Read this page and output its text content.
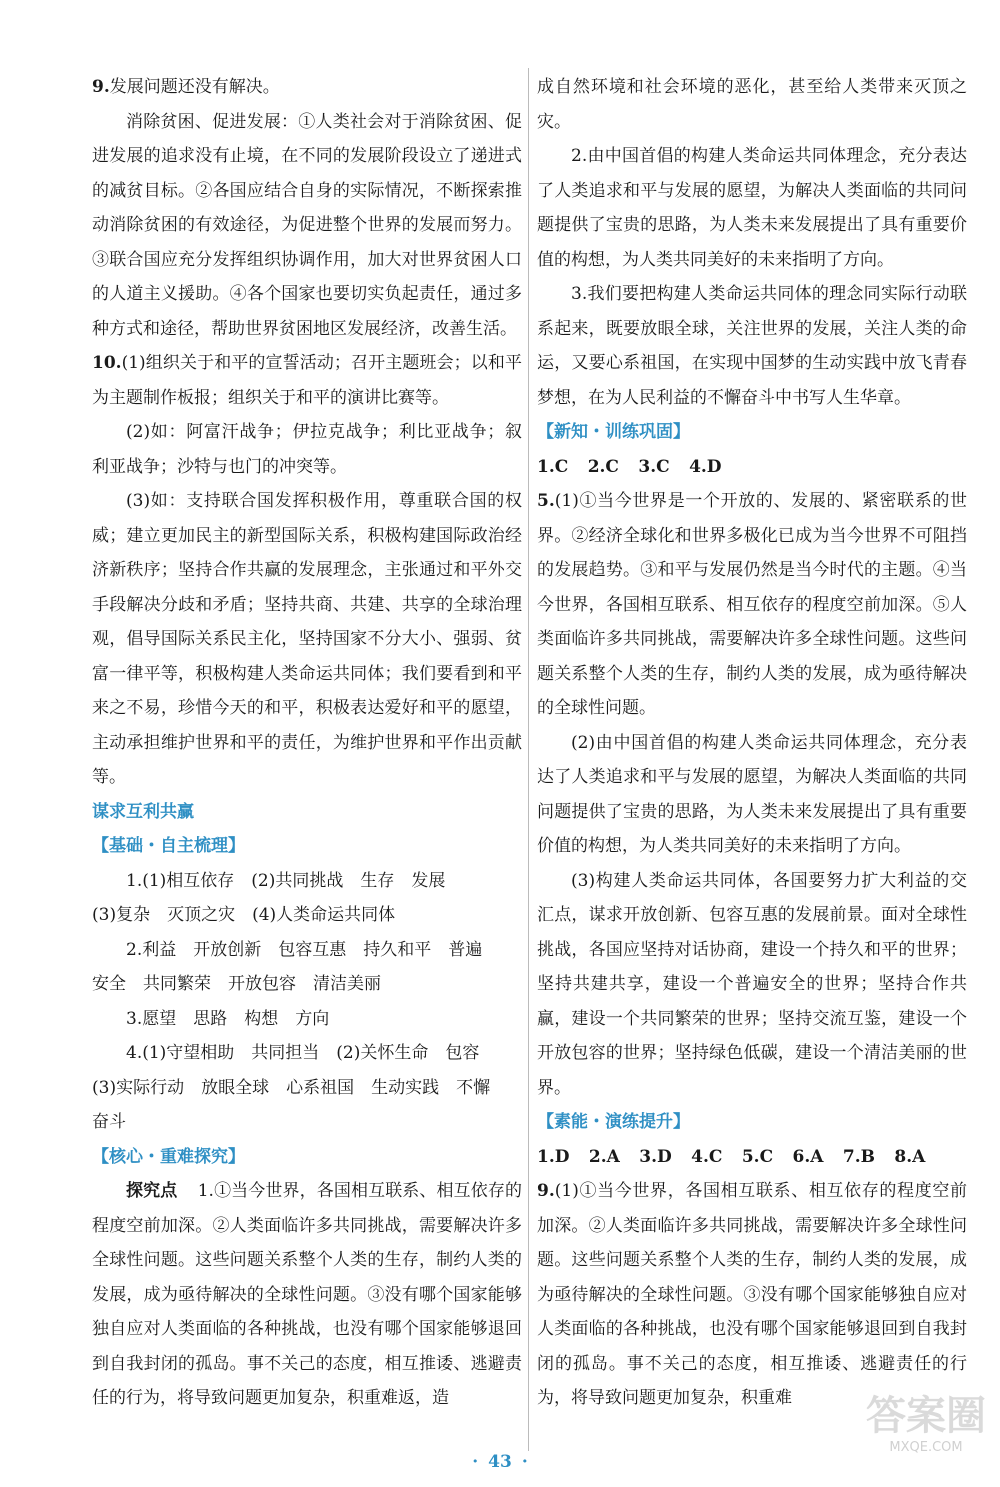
9.发展问题还没有解决。

消除贫困、促进发展：①人类社会对于消除贫困、促进发展的追求没有止境，在不同的发展阶段设立了递进式的减贫目标。②各国应结合自身的实际情况，不断探索推动消除贫困的有效途径，为促进整个世界的发展而努力。③联合国应充分发挥组织协调作用，加大对世界贫困人口的人道主义援助。④各个国家也要切实负起责任，通过多种方式和途径，帮助世界贫困地区发展经济，改善生活。

10.(1)组织关于和平的宣誓活动；召开主题班会；以和平为主题制作板报；组织关于和平的演讲比赛等。

(2)如：阿富汗战争；伊拉克战争；利比亚战争；叙利亚战争；沙特与也门的冲突等。

(3)如：支持联合国发挥积极作用，尊重联合国的权威；建立更加民主的新型国际关系，积极构建国际政治经济新秩序；坚持合作共赢的发展理念，主张通过和平外交手段解决分歧和矛盾；坚持共商、共建、共享的全球治理观，倡导国际关系民主化，坚持国家不分大小、强弱、贫富一律平等，积极构建人类命运共同体；我们要看到和平来之不易，珍惜今天的和平，积极表达爱好和平的愿望，主动承担维护世界和平的责任，为维护世界和平作出贡献等。

谋求互利共赢
【基础・自主梳理】

1.(1)相互依存　(2)共同挑战　生存　发展

(3)复杂　灭顶之灾　(4)人类命运共同体

2.利益　开放创新　包容互惠　持久和平　普遍

安全　共同繁荣　开放包容　清洁美丽

3.愿望　思路　构想　方向

4.(1)守望相助　共同担当　(2)关怀生命　包容

(3)实际行动　放眼全球　心系祖国　生动实践　不懈

奋斗

【核心・重难探究】

探究点 1.①当今世界，各国相互联系、相互依存的程度空前加深。②人类面临许多共同挑战，需要解决许多全球性问题。这些问题关系整个人类的生存，制约人类的发展，成为亟待解决的全球性问题。③没有哪个国家能够独自应对人类面临的各种挑战，也没有哪个国家能够退回到自我封闭的孤岛。事不关己的态度，相互推诿、逃避责任的行为，将导致问题更加复杂，积重难返，造

成自然环境和社会环境的恶化，甚至给人类带来灭顶之灾。

2.由中国首倡的构建人类命运共同体理念，充分表达了人类追求和平与发展的愿望，为解决人类面临的共同问题提供了宝贵的思路，为人类未来发展提出了具有重要价值的构想，为人类共同美好的未来指明了方向。

3.我们要把构建人类命运共同体的理念同实际行动联系起来，既要放眼全球，关注世界的发展，关注人类的命运，又要心系祖国，在实现中国梦的生动实践中放飞青春梦想，在为人民利益的不懈奋斗中书写人生华章。

【新知・训练巩固】
1.C 2.C 3.C 4.D

5.(1)①当今世界是一个开放的、发展的、紧密联系的世界。②经济全球化和世界多极化已成为当今世界不可阻挡的发展趋势。③和平与发展仍然是当今时代的主题。④当今世界，各国相互联系、相互依存的程度空前加深。⑤人类面临许多共同挑战，需要解决许多全球性问题。这些问题关系整个人类的生存，制约人类的发展，成为亟待解决的全球性问题。

(2)由中国首倡的构建人类命运共同体理念，充分表达了人类追求和平与发展的愿望，为解决人类面临的共同问题提供了宝贵的思路，为人类未来发展提出了具有重要价值的构想，为人类共同美好的未来指明了方向。

(3)构建人类命运共同体，各国要努力扩大利益的交汇点，谋求开放创新、包容互惠的发展前景。面对全球性挑战，各国应坚持对话协商，建设一个持久和平的世界；坚持共建共享，建设一个普遍安全的世界；坚持合作共赢，建设一个共同繁荣的世界；坚持交流互鉴，建设一个开放包容的世界；坚持绿色低碳，建设一个清洁美丽的世界。

【素能・演练提升】
1.D 2.A 3.D 4.C 5.C 6.A 7.B 8.A

9.(1)①当今世界，各国相互联系、相互依存的程度空前加深。②人类面临许多共同挑战，需要解决许多全球性问题。这些问题关系整个人类的生存，制约人类的发展，成为亟待解决的全球性问题。③没有哪个国家能够独自应对人类面临的各种挑战，也没有哪个国家能够退回到自我封闭的孤岛。事不关己的态度，相互推诿、逃避责任的行为，将导致问题更加复杂，积重难

· 43 ·
答案圈
MXQE.COM
